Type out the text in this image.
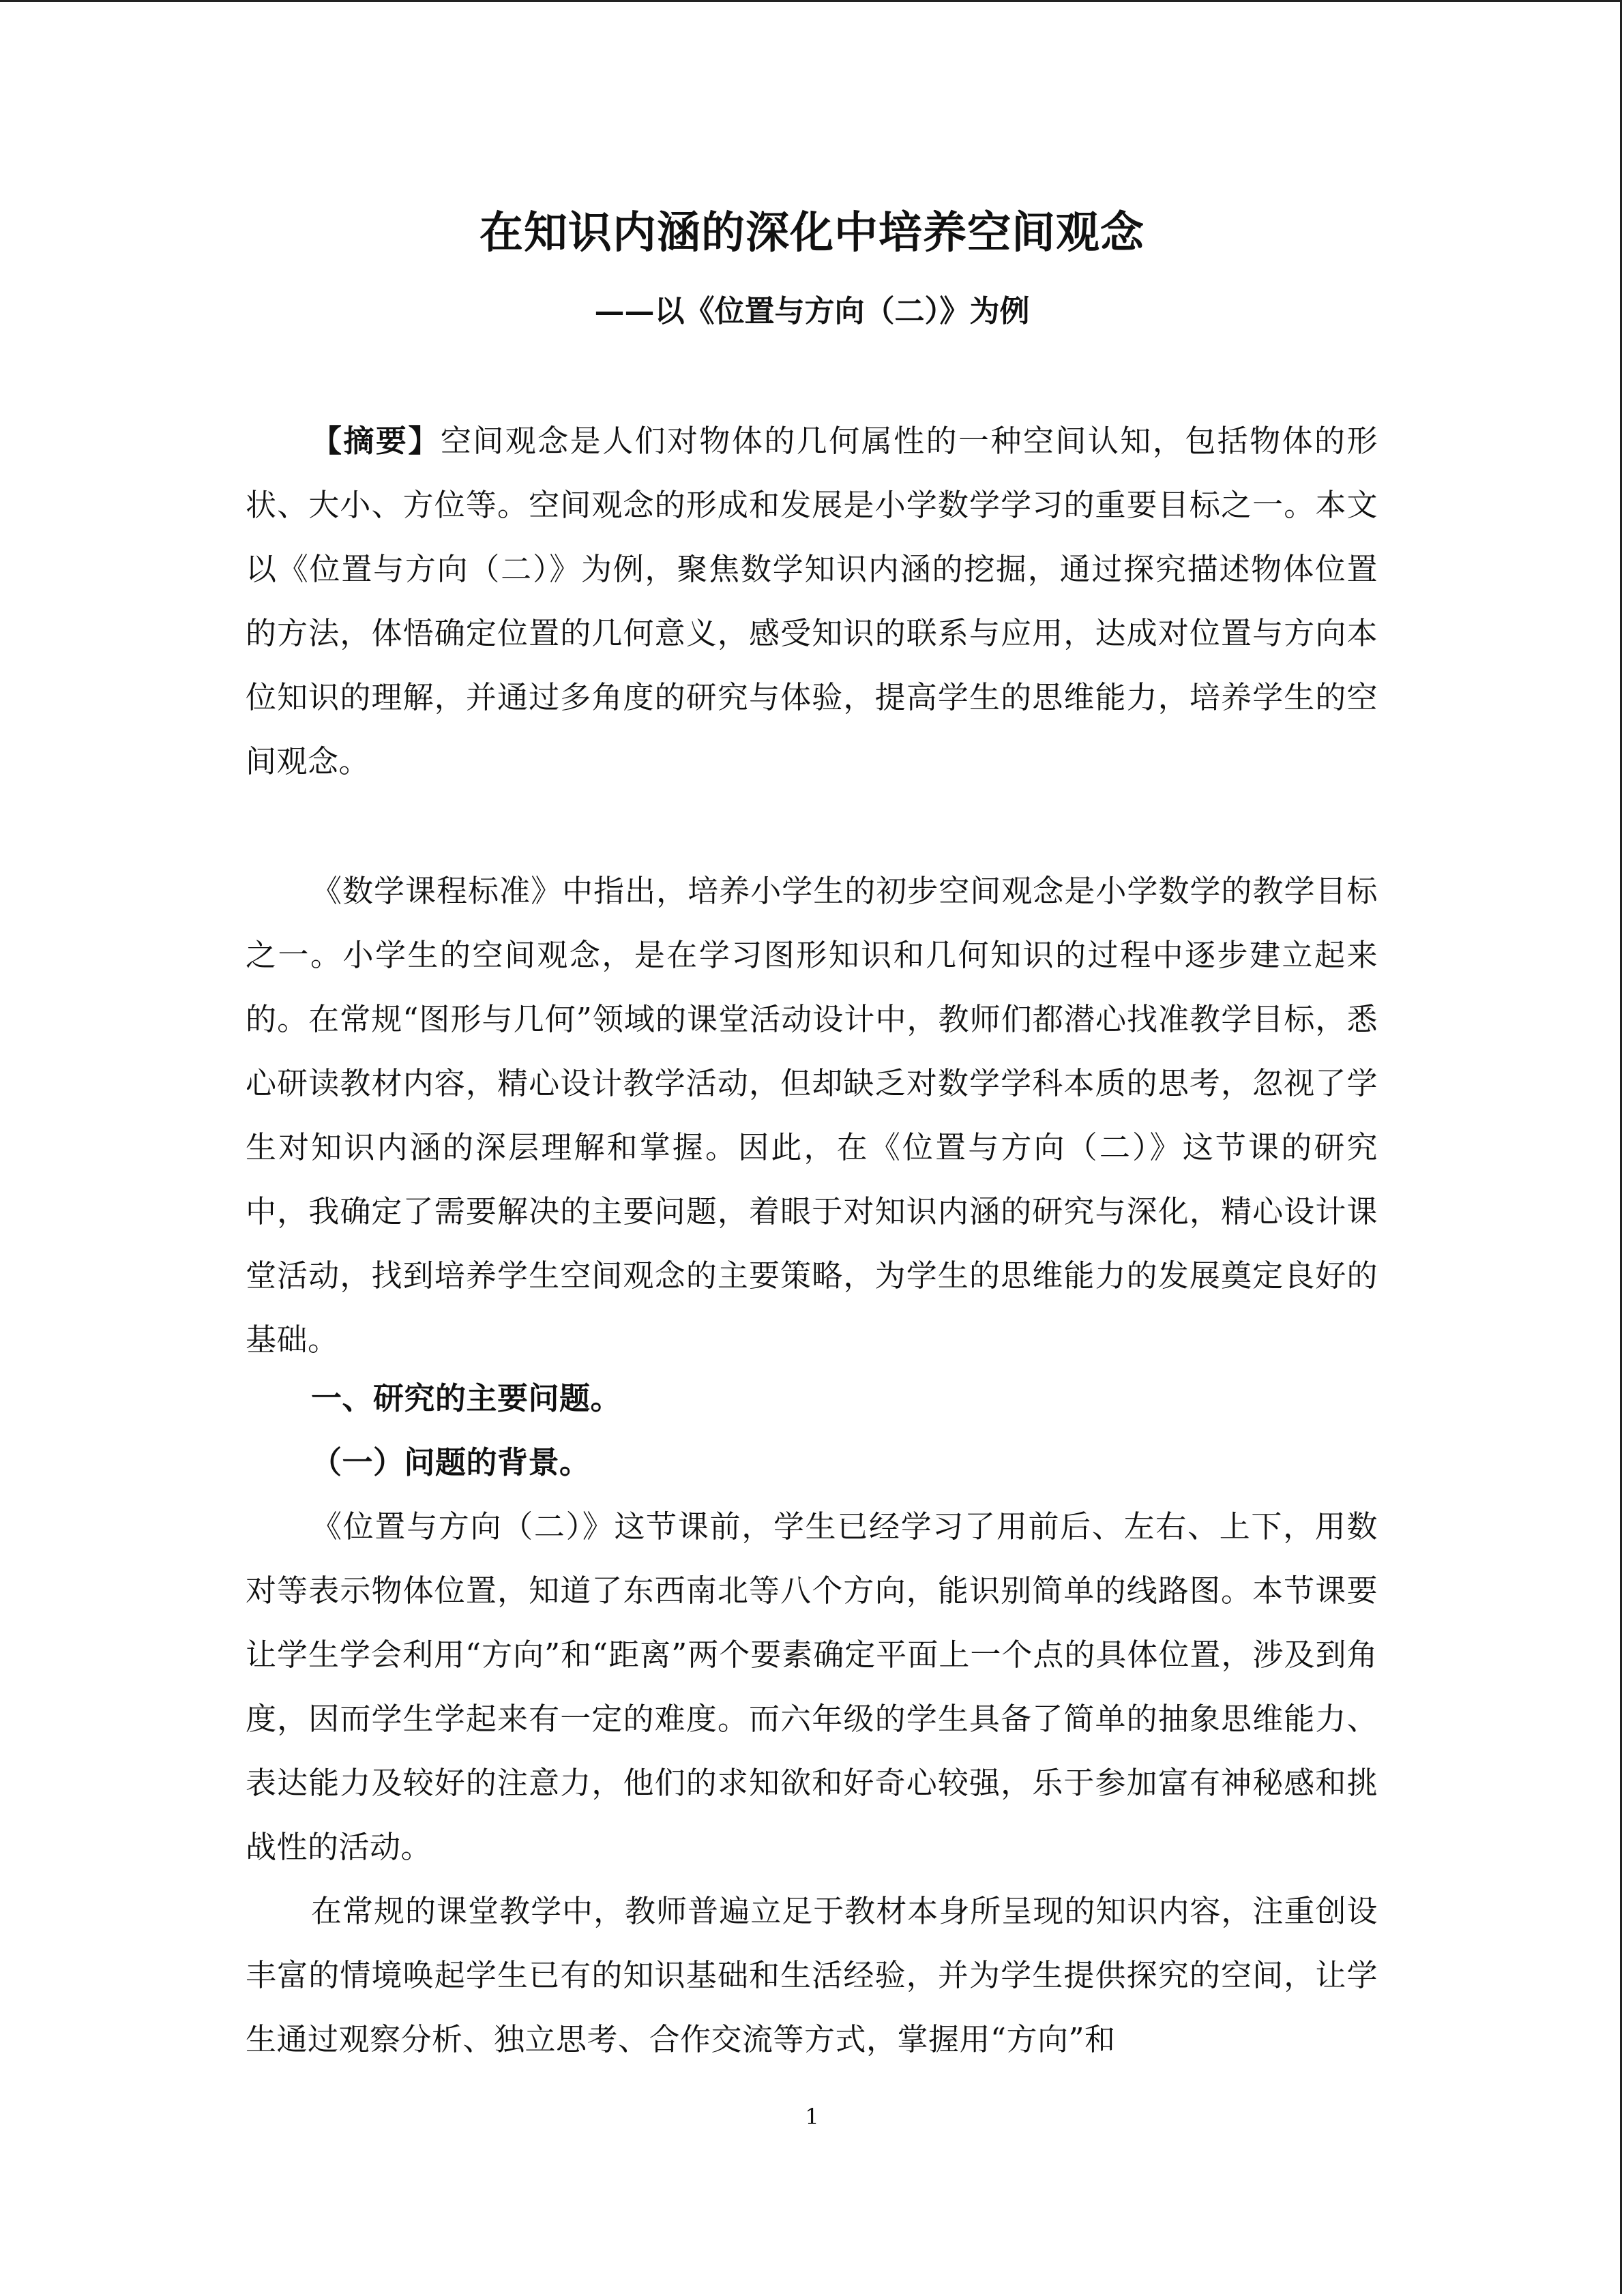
在知识内涵的深化中培养空间观念
——以《位置与方向（二）》为例
【摘要】空间观念是人们对物体的几何属性的一种空间认知，包括物体的形状、大小、方位等。空间观念的形成和发展是小学数学学习的重要目标之一。本文以《位置与方向（二）》为例，聚焦数学知识内涵的挖掘，通过探究描述物体位置的方法，体悟确定位置的几何意义，感受知识的联系与应用，达成对位置与方向本位知识的理解，并通过多角度的研究与体验，提高学生的思维能力，培养学生的空间观念。
《数学课程标准》中指出，培养小学生的初步空间观念是小学数学的教学目标之一。小学生的空间观念，是在学习图形知识和几何知识的过程中逐步建立起来的。在常规“图形与几何”领域的课堂活动设计中，教师们都潜心找准教学目标，悉心研读教材内容，精心设计教学活动，但却缺乏对数学学科本质的思考，忽视了学生对知识内涵的深层理解和掌握。因此，在《位置与方向（二）》这节课的研究中，我确定了需要解决的主要问题，着眼于对知识内涵的研究与深化，精心设计课堂活动，找到培养学生空间观念的主要策略，为学生的思维能力的发展奠定良好的基础。
一、研究的主要问题。
（一）问题的背景。
《位置与方向（二）》这节课前，学生已经学习了用前后、左右、上下，用数对等表示物体位置，知道了东西南北等八个方向，能识别简单的线路图。本节课要让学生学会利用“方向”和“距离”两个要素确定平面上一个点的具体位置，涉及到角度，因而学生学起来有一定的难度。而六年级的学生具备了简单的抽象思维能力、表达能力及较好的注意力，他们的求知欲和好奇心较强，乐于参加富有神秘感和挑战性的活动。
在常规的课堂教学中，教师普遍立足于教材本身所呈现的知识内容，注重创设丰富的情境唤起学生已有的知识基础和生活经验，并为学生提供探究的空间，让学生通过观察分析、独立思考、合作交流等方式，掌握用“方向”和
1
